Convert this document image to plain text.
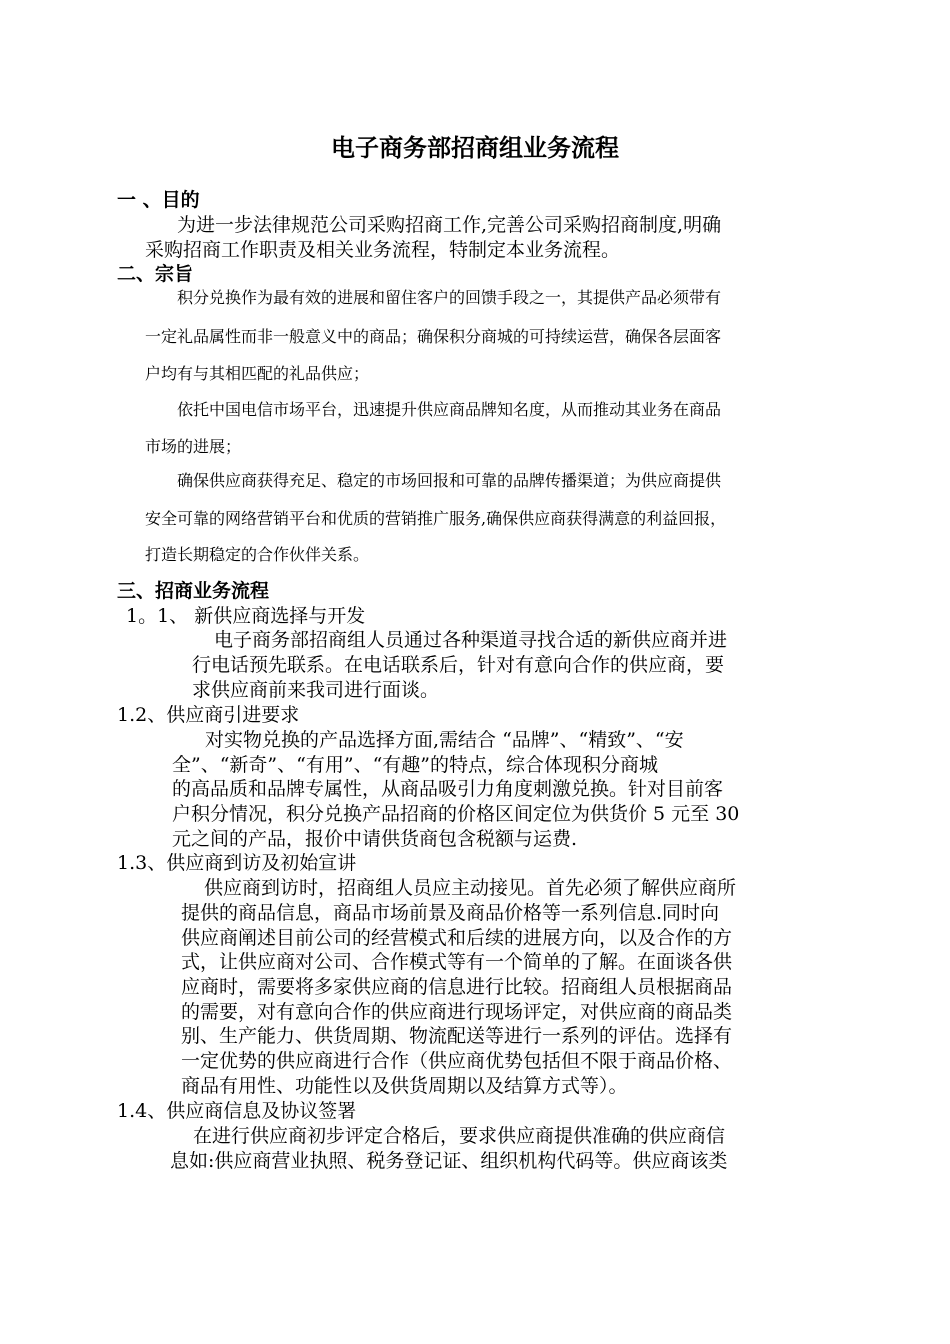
电子商务部招商组业务流程
一 、目的
为进一步法律规范公司采购招商工作,完善公司采购招商制度,明确
采购招商工作职责及相关业务流程，特制定本业务流程。
二、宗旨
积分兑换作为最有效的进展和留住客户的回馈手段之一，其提供产品必须带有
一定礼品属性而非一般意义中的商品；确保积分商城的可持续运营，确保各层面客
户均有与其相匹配的礼品供应；
依托中国电信市场平台，迅速提升供应商品牌知名度，从而推动其业务在商品
市场的进展；
确保供应商获得充足、稳定的市场回报和可靠的品牌传播渠道；为供应商提供
安全可靠的网络营销平台和优质的营销推广服务,确保供应商获得满意的利益回报，
打造长期稳定的合作伙伴关系。
三、招商业务流程
1。1、 新供应商选择与开发
电子商务部招商组人员通过各种渠道寻找合适的新供应商并进
行电话预先联系。在电话联系后，针对有意向合作的供应商，要
求供应商前来我司进行面谈。
1.2、供应商引进要求
对实物兑换的产品选择方面,需结合 “品牌”、“精致”、“安
全”、“新奇”、“有用”、“有趣”的特点，综合体现积分商城
的高品质和品牌专属性，从商品吸引力角度刺激兑换。针对目前客
户积分情况，积分兑换产品招商的价格区间定位为供货价 5 元至 30
元之间的产品，报价中请供货商包含税额与运费.
1.3、供应商到访及初始宣讲
供应商到访时，招商组人员应主动接见。首先必须了解供应商所
提供的商品信息，商品市场前景及商品价格等一系列信息.同时向
供应商阐述目前公司的经营模式和后续的进展方向，以及合作的方
式，让供应商对公司、合作模式等有一个简单的了解。在面谈各供
应商时，需要将多家供应商的信息进行比较。招商组人员根据商品
的需要，对有意向合作的供应商进行现场评定，对供应商的商品类
别、生产能力、供货周期、物流配送等进行一系列的评估。选择有
一定优势的供应商进行合作（供应商优势包括但不限于商品价格、
商品有用性、功能性以及供货周期以及结算方式等）。
1.4、供应商信息及协议签署
在进行供应商初步评定合格后，要求供应商提供准确的供应商信
息如:供应商营业执照、税务登记证、组织机构代码等。供应商该类
